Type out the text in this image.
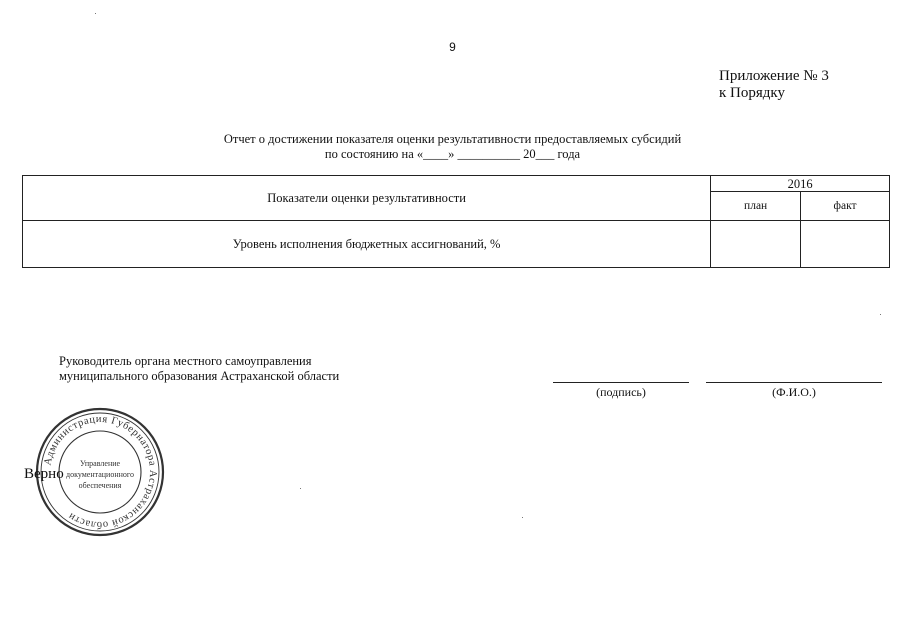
9
Приложение № 3
к Порядку
Отчет о достижении показателя оценки результативности предоставляемых субсидий
по состоянию на «____» __________ 20___ года
Показатели оценки результативности	2016	
	план	факт
Уровень исполнения бюджетных ассигнований, %		
Руководитель органа местного самоуправления
муниципального образования Астраханской области
(подпись)	(Ф.И.О.)
Администрация Губернатора Астраханской области
Управление
документационного
обеспечения
Верно
